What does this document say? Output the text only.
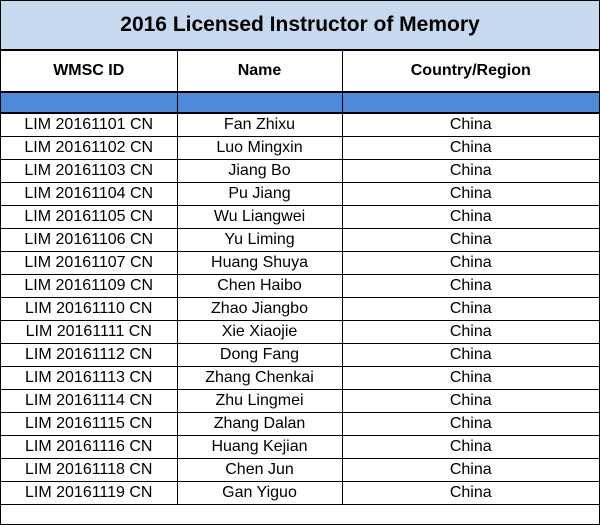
2016 Licensed Instructor of Memory
WMSC ID	Name	Country/Region

LIM 20161101 CN	Fan Zhixu	China
LIM 20161102 CN	Luo Mingxin	China
LIM 20161103 CN	Jiang Bo	China
LIM 20161104 CN	Pu Jiang	China
LIM 20161105 CN	Wu Liangwei	China
LIM 20161106 CN	Yu Liming	China
LIM 20161107 CN	Huang Shuya	China
LIM 20161109 CN	Chen Haibo	China
LIM 20161110 CN	Zhao Jiangbo	China
LIM 20161111 CN	Xie Xiaojie	China
LIM 20161112 CN	Dong Fang	China
LIM 20161113 CN	Zhang Chenkai	China
LIM 20161114 CN	Zhu Lingmei	China
LIM 20161115 CN	Zhang Dalan	China
LIM 20161116 CN	Huang Kejian	China
LIM 20161118 CN	Chen Jun	China
LIM 20161119 CN	Gan Yiguo	China
